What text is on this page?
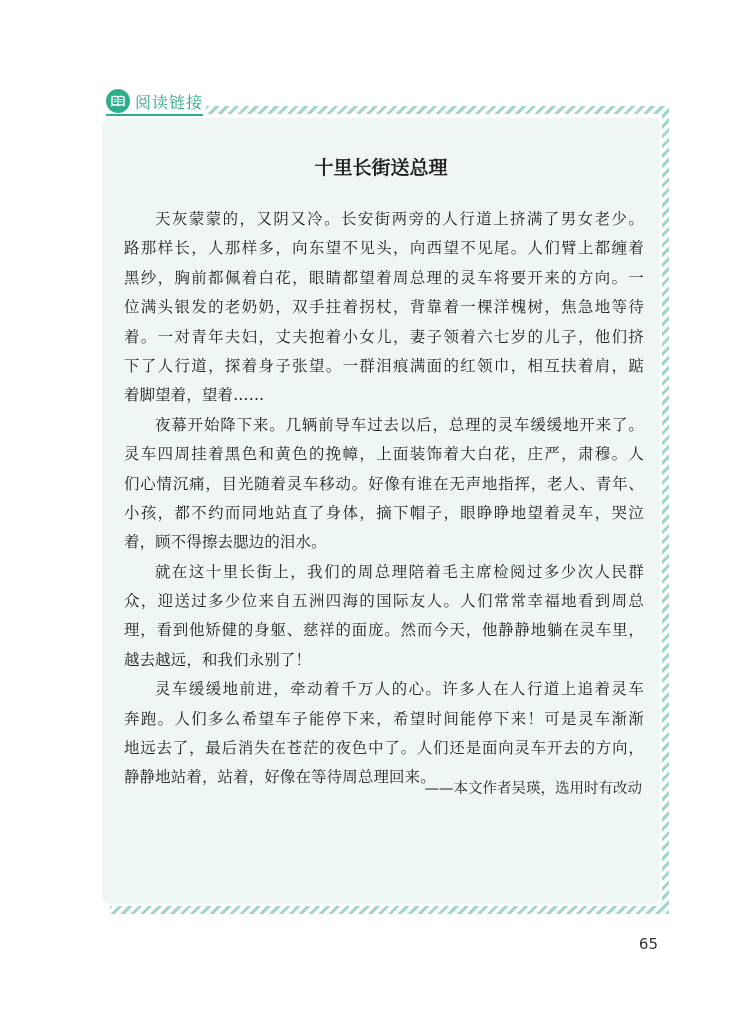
阅读链接
十里长街送总理
天灰蒙蒙的，又阴又冷。长安街两旁的人行道上挤满了男女老少。
路那样长，人那样多，向东望不见头，向西望不见尾。人们臂上都缠着
黑纱，胸前都佩着白花，眼睛都望着周总理的灵车将要开来的方向。一
位满头银发的老奶奶，双手拄着拐杖，背靠着一棵洋槐树，焦急地等待
着。一对青年夫妇，丈夫抱着小女儿，妻子领着六七岁的儿子，他们挤
下了人行道，探着身子张望。一群泪痕满面的红领巾，相互扶着肩，踮
着脚望着，望着……
夜幕开始降下来。几辆前导车过去以后，总理的灵车缓缓地开来了。
灵车四周挂着黑色和黄色的挽幛，上面装饰着大白花，庄严，肃穆。人
们心情沉痛，目光随着灵车移动。好像有谁在无声地指挥，老人、青年、
小孩，都不约而同地站直了身体，摘下帽子，眼睁睁地望着灵车，哭泣
着，顾不得擦去腮边的泪水。
就在这十里长街上，我们的周总理陪着毛主席检阅过多少次人民群
众，迎送过多少位来自五洲四海的国际友人。人们常常幸福地看到周总
理，看到他矫健的身躯、慈祥的面庞。然而今天，他静静地躺在灵车里，
越去越远，和我们永别了！
灵车缓缓地前进，牵动着千万人的心。许多人在人行道上追着灵车
奔跑。人们多么希望车子能停下来，希望时间能停下来！可是灵车渐渐
地远去了，最后消失在苍茫的夜色中了。人们还是面向灵车开去的方向，
静静地站着，站着，好像在等待周总理回来。
——本文作者吴瑛，选用时有改动
65
